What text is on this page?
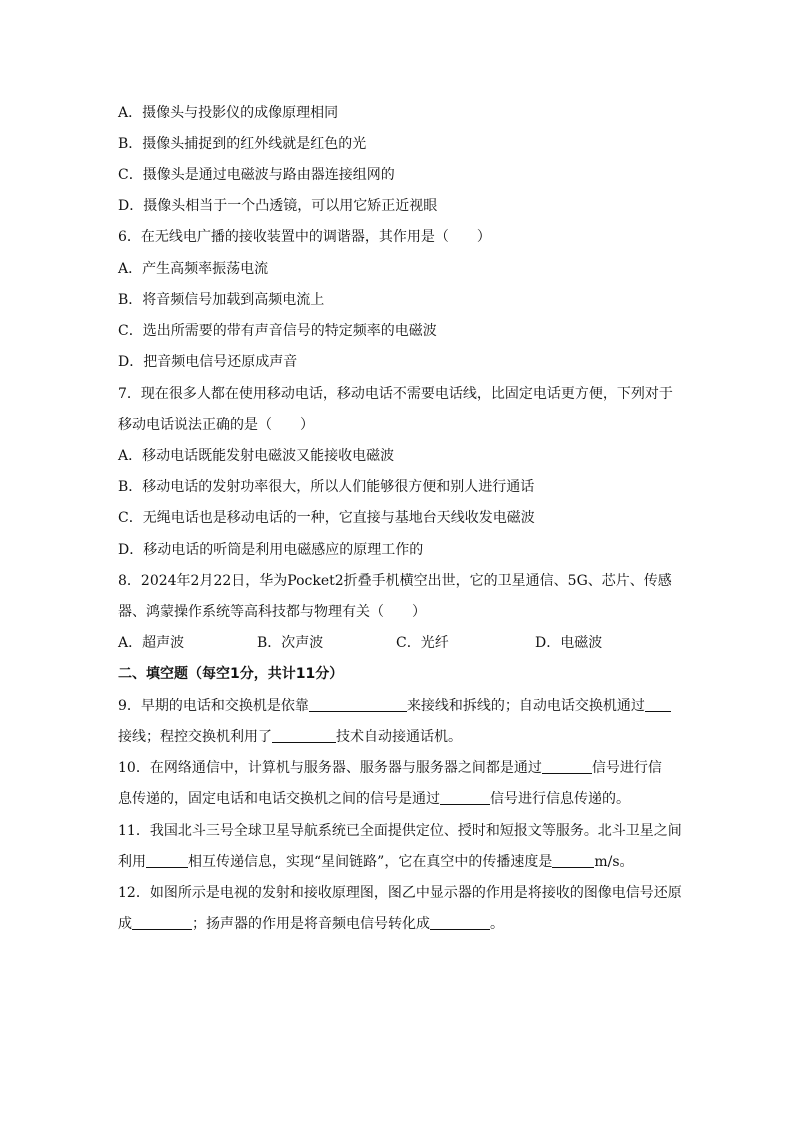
A．摄像头与投影仪的成像原理相同
B．摄像头捕捉到的红外线就是红色的光
C．摄像头是通过电磁波与路由器连接组网的
D．摄像头相当于一个凸透镜，可以用它矫正近视眼
6．在无线电广播的接收装置中的调谐器，其作用是（　　）
A．产生高频率振荡电流
B．将音频信号加载到高频电流上
C．选出所需要的带有声音信号的特定频率的电磁波
D．把音频电信号还原成声音
7．现在很多人都在使用移动电话，移动电话不需要电话线，比固定电话更方便，下列对于
移动电话说法正确的是（　　）
A．移动电话既能发射电磁波又能接收电磁波
B．移动电话的发射功率很大，所以人们能够很方便和别人进行通话
C．无绳电话也是移动电话的一种，它直接与基地台天线收发电磁波
D．移动电话的听筒是利用电磁感应的原理工作的
8．2024年2月22日，华为Pocket2折叠手机横空出世，它的卫星通信、5G、芯片、传感
器、鸿蒙操作系统等高科技都与物理有关（　　）
A．超声波	B．次声波	C．光纤	D．电磁波
二、填空题（每空1分，共计11分）
9．早期的电话和交换机是依靠	来接线和拆线的；自动电话交换机通过
接线；程控交换机利用了	技术自动接通话机。
10．在网络通信中，计算机与服务器、服务器与服务器之间都是通过	信号进行信
息传递的，固定电话和电话交换机之间的信号是通过	信号进行信息传递的。
11．我国北斗三号全球卫星导航系统已全面提供定位、授时和短报文等服务。北斗卫星之间
利用	相互传递信息，实现“星间链路”，它在真空中的传播速度是	m/s。
12．如图所示是电视的发射和接收原理图，图乙中显示器的作用是将接收的图像电信号还原
成	；扬声器的作用是将音频电信号转化成	。
